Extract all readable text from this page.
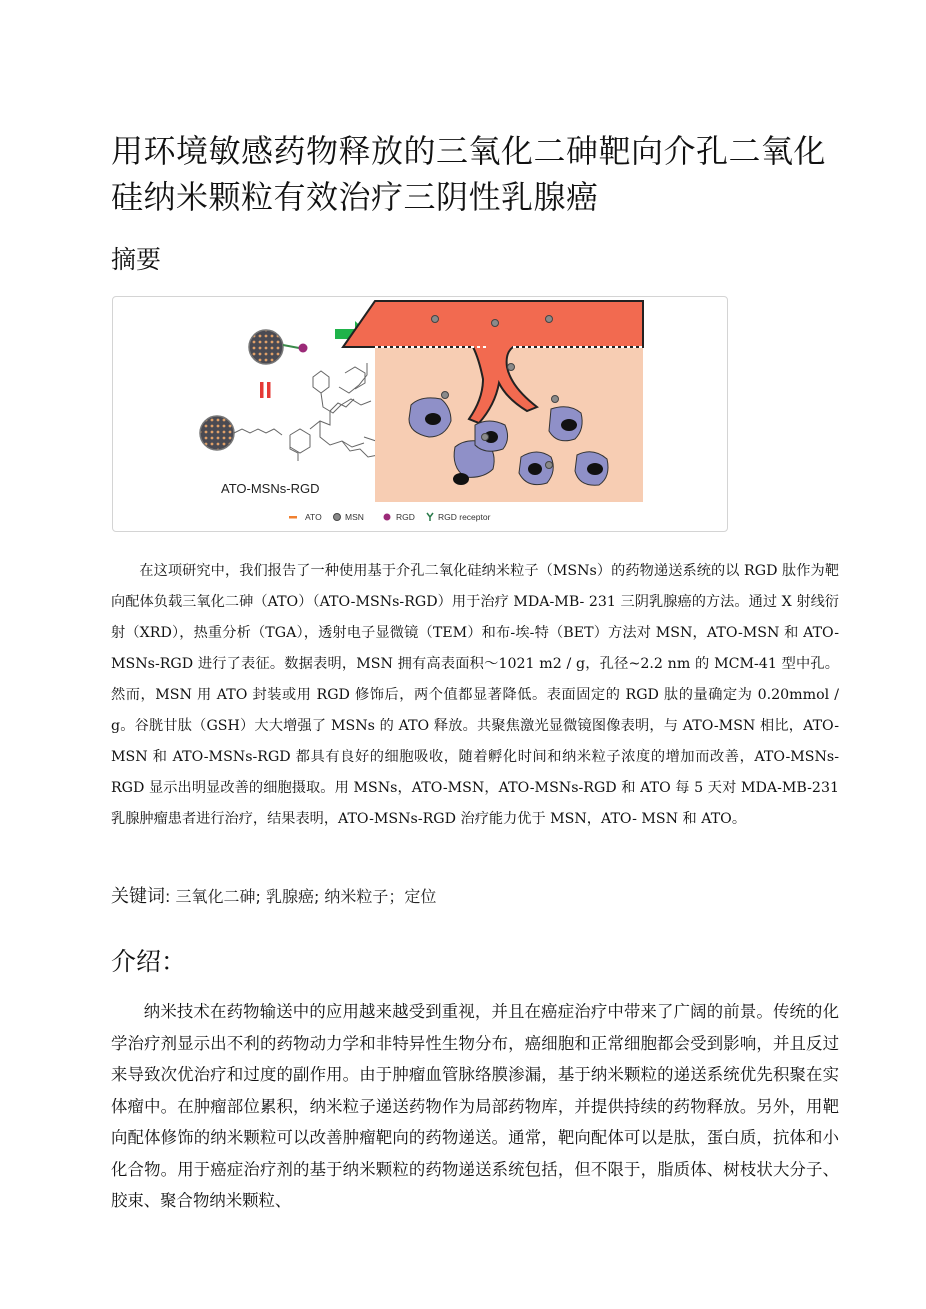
用环境敏感药物释放的三氧化二砷靶向介孔二氧化硅纳米颗粒有效治疗三阴性乳腺癌
摘要
ATO-MSNs-RGD
ATO	MSN	RGD	RGD receptor

在这项研究中，我们报告了一种使用基于介孔二氧化硅纳米粒子（MSNs）的药物递送系统的以 RGD 肽作为靶向配体负载三氧化二砷（ATO）（ATO-MSNs-RGD）用于治疗 MDA-MB- 231 三阴乳腺癌的方法。通过 X 射线衍射（XRD），热重分析（TGA），透射电子显微镜（TEM）和布-埃-特（BET）方法对 MSN，ATO-MSN 和 ATO-MSNs-RGD 进行了表征。数据表明，MSN 拥有高表面积～1021 m2 / g，孔径~2.2 nm 的 MCM-41 型中孔。然而，MSN 用 ATO 封装或用 RGD 修饰后，两个值都显著降低。表面固定的 RGD 肽的量确定为 0.20mmol / g。谷胱甘肽（GSH）大大增强了 MSNs 的 ATO 释放。共聚焦激光显微镜图像表明，与 ATO-MSN 相比，ATO-MSN 和 ATO-MSNs-RGD 都具有良好的细胞吸收，随着孵化时间和纳米粒子浓度的增加而改善，ATO-MSNs-RGD 显示出明显改善的细胞摄取。用 MSNs，ATO-MSN，ATO-MSNs-RGD 和 ATO 每 5 天对 MDA-MB-231 乳腺肿瘤患者进行治疗，结果表明，ATO-MSNs-RGD 治疗能力优于 MSN，ATO- MSN 和 ATO。

关键词: 三氧化二砷; 乳腺癌; 纳米粒子；定位

介绍：

纳米技术在药物输送中的应用越来越受到重视，并且在癌症治疗中带来了广阔的前景。传统的化学治疗剂显示出不利的药物动力学和非特异性生物分布，癌细胞和正常细胞都会受到影响，并且反过来导致次优治疗和过度的副作用。由于肿瘤血管脉络膜渗漏，基于纳米颗粒的递送系统优先积聚在实体瘤中。在肿瘤部位累积，纳米粒子递送药物作为局部药物库，并提供持续的药物释放。另外，用靶向配体修饰的纳米颗粒可以改善肿瘤靶向的药物递送。通常，靶向配体可以是肽，蛋白质，抗体和小化合物。用于癌症治疗剂的基于纳米颗粒的药物递送系统包括，但不限于，脂质体、树枝状大分子、胶束、聚合物纳米颗粒、
